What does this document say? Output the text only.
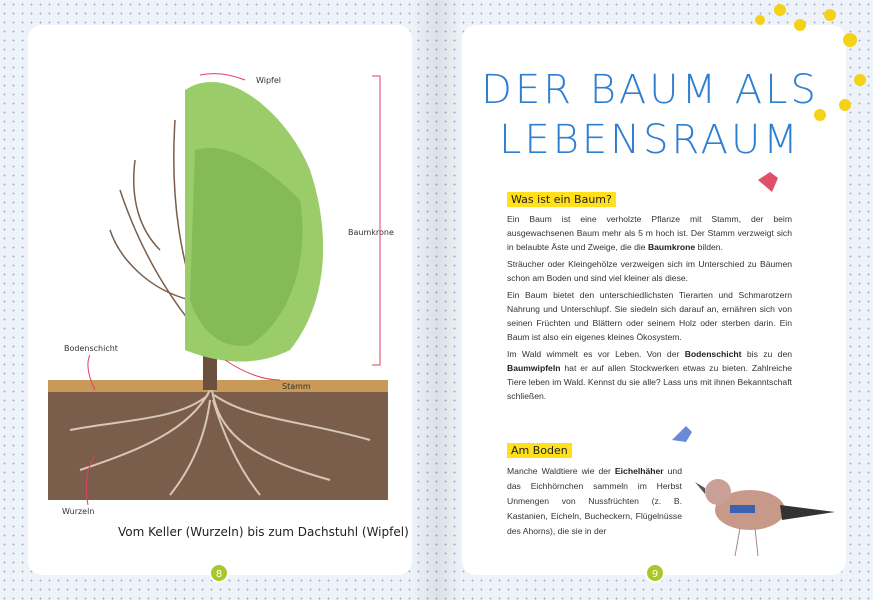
Wipfel
Baumkrone
Bodenschicht
Stamm
Wurzeln
Vom Keller (Wurzeln) bis zum Dachstuhl (Wipfel)
8
DER BAUM ALS
LEBENSRAUM
Was ist ein Baum?

Ein Baum ist eine verholzte Pflanze mit Stamm, der beim ausgewachsenen Baum mehr als 5 m hoch ist. Der Stamm verzweigt sich in belaubte Äste und Zweige, die die Baumkrone bilden.

Sträucher oder Kleingehölze verzweigen sich im Unterschied zu Bäumen schon am Boden und sind viel kleiner als diese.

Ein Baum bietet den unterschiedlichsten Tierarten und Schmarotzern Nahrung und Unterschlupf. Sie siedeln sich darauf an, ernähren sich von seinen Früchten und Blättern oder seinem Holz oder sterben darin. Ein Baum ist also ein eigenes kleines Ökosystem.

Im Wald wimmelt es vor Leben. Von der Bodenschicht bis zu den Baumwipfeln hat er auf allen Stockwerken etwas zu bieten. Zahlreiche Tiere leben im Wald. Kennst du sie alle? Lass uns mit ihnen Bekanntschaft schließen.

Am Boden

Manche Waldtiere wie der Eichelhäher und das Eichhörnchen sammeln im Herbst Unmengen von Nussfrüchten (z. B. Kastanien, Eicheln, Bucheckern, Flügelnüsse des Ahorns), die sie in der

9
